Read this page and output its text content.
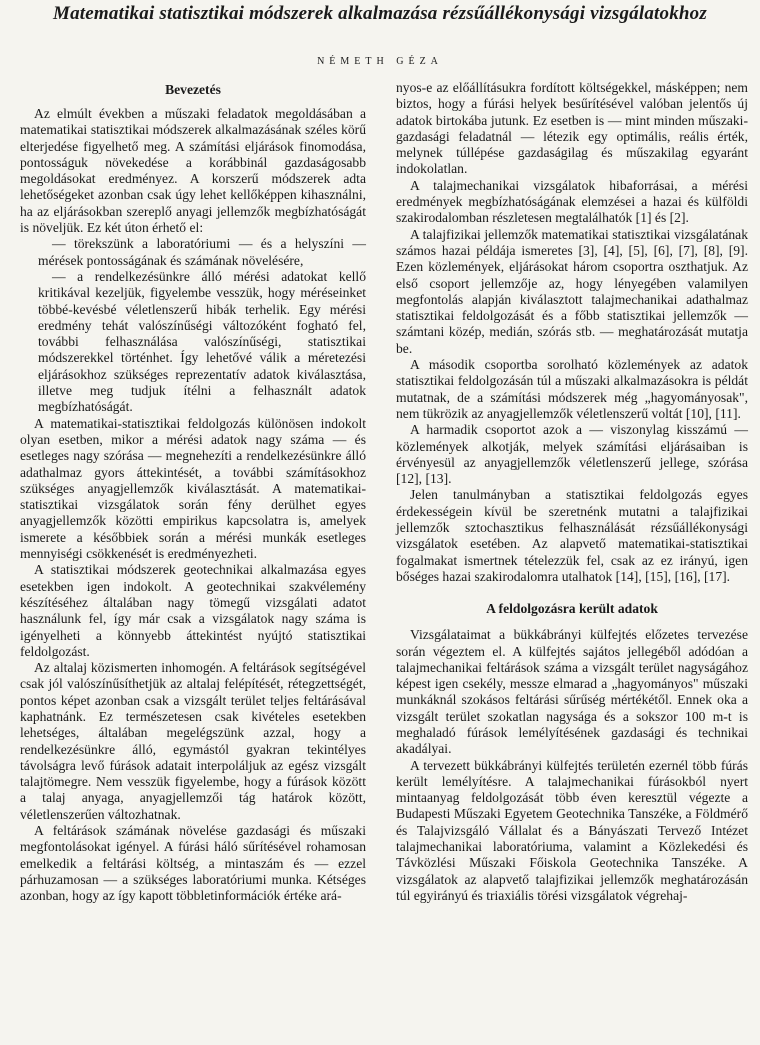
Matematikai statisztikai módszerek alkalmazása rézsűállékonysági vizsgálatokhoz
NÉMETH GÉZA
Bevezetés

Az elmúlt években a műszaki feladatok megoldásában a matematikai statisztikai módszerek alkalmazásának széles körű elterjedése figyelhető meg. A számítási eljárások finomodása, pontosságuk növekedése a korábbinál gazdaságosabb megoldásokat eredményez. A korszerű módszerek adta lehetőségeket azonban csak úgy lehet kellőképpen kihasználni, ha az eljárásokban szereplő anyagi jellemzők megbízhatóságát is növeljük. Ez két úton érhető el:

— törekszünk a laboratóriumi — és a helyszíni — mérések pontosságának és számának növelésére,

— a rendelkezésünkre álló mérési adatokat kellő kritikával kezeljük, figyelembe vesszük, hogy méréseinket többé-kevésbé véletlenszerű hibák terhelik. Egy mérési eredmény tehát valószínűségi változóként fogható fel, további felhasználása valószínűségi, statisztikai módszerekkel történhet. Így lehetővé válik a méretezési eljárásokhoz szükséges reprezentatív adatok kiválasztása, illetve meg tudjuk ítélni a felhasznált adatok megbízhatóságát.

A matematikai-statisztikai feldolgozás különösen indokolt olyan esetben, mikor a mérési adatok nagy száma — és esetleges nagy szórása — megnehezíti a rendelkezésünkre álló adathalmaz gyors áttekintését, a további számításokhoz szükséges anyagjellemzők kiválasztását. A matematikai-statisztikai vizsgálatok során fény derülhet egyes anyagjellemzők közötti empirikus kapcsolatra is, amelyek ismerete a későbbiek során a mérési munkák esetleges mennyiségi csökkenését is eredményezheti.

A statisztikai módszerek geotechnikai alkalmazása egyes esetekben igen indokolt. A geotechnikai szakvélemény készítéséhez általában nagy tömegű vizsgálati adatot használunk fel, így már csak a vizsgálatok nagy száma is igényelheti a könnyebb áttekintést nyújtó statisztikai feldolgozást.

Az altalaj közismerten inhomogén. A feltárások segítségével csak jól valószínűsíthetjük az altalaj felépítését, rétegzettségét, pontos képet azonban csak a vizsgált terület teljes feltárásával kaphatnánk. Ez természetesen csak kivételes esetekben lehetséges, általában megelégszünk azzal, hogy a rendelkezésünkre álló, egymástól gyakran tekintélyes távolságra levő fúrások adatait interpoláljuk az egész vizsgált talajtömegre. Nem vesszük figyelembe, hogy a fúrások között a talaj anyaga, anyagjellemzői tág határok között, véletlenszerűen változhatnak.

A feltárások számának növelése gazdasági és műszaki megfontolásokat igényel. A fúrási háló sűrítésével rohamosan emelkedik a feltárási költség, a mintaszám és — ezzel párhuzamosan — a szükséges laboratóriumi munka. Kétséges azonban, hogy az így kapott többletinformációk értéke ará-

nyos-e az előállításukra fordított költségekkel, másképpen; nem biztos, hogy a fúrási helyek besűrítésével valóban jelentős új adatok birtokába jutunk. Ez esetben is — mint minden műszaki-gazdasági feladatnál — létezik egy optimális, reális érték, melynek túllépése gazdaságilag és műszakilag egyaránt indokolatlan.

A talajmechanikai vizsgálatok hibaforrásai, a mérési eredmények megbízhatóságának elemzései a hazai és külföldi szakirodalomban részletesen megtalálhatók [1] és [2].

A talajfizikai jellemzők matematikai statisztikai vizsgálatának számos hazai példája ismeretes [3], [4], [5], [6], [7], [8], [9]. Ezen közlemények, eljárásokat három csoportra oszthatjuk. Az első csoport jellemzője az, hogy lényegében valamilyen megfontolás alapján kiválasztott talajmechanikai adathalmaz statisztikai feldolgozását és a főbb statisztikai jellemzők — számtani közép, medián, szórás stb. — meghatározását mutatja be.

A második csoportba sorolható közlemények az adatok statisztikai feldolgozásán túl a műszaki alkalmazásokra is példát mutatnak, de a számítási módszerek még „hagyományosak", nem tükrözik az anyagjellemzők véletlenszerű voltát [10], [11].

A harmadik csoportot azok a — viszonylag kisszámú — közlemények alkotják, melyek számítási eljárásaiban is érvényesül az anyagjellemzők véletlenszerű jellege, szórása [12], [13].

Jelen tanulmányban a statisztikai feldolgozás egyes érdekességein kívül be szeretnénk mutatni a talajfizikai jellemzők sztochasztikus felhasználását rézsűállékonysági vizsgálatok esetében. Az alapvető matematikai-statisztikai fogalmakat ismertnek tételezzük fel, csak az ez irányú, igen bőséges hazai szakirodalomra utalhatok [14], [15], [16], [17].

A feldolgozásra került adatok

Vizsgálataimat a bükkábrányi külfejtés előzetes tervezése során végeztem el. A külfejtés sajátos jellegéből adódóan a talajmechanikai feltárások száma a vizsgált terület nagyságához képest igen csekély, messze elmarad a „hagyományos" műszaki munkáknál szokásos feltárási sűrűség mértékétől. Ennek oka a vizsgált terület szokatlan nagysága és a sokszor 100 m-t is meghaladó fúrások lemélyítésének gazdasági és technikai akadályai.

A tervezett bükkábrányi külfejtés területén ezernél több fúrás került lemélyítésre. A talajmechanikai fúrásokból nyert mintaanyag feldolgozását több éven keresztül végezte a Budapesti Műszaki Egyetem Geotechnika Tanszéke, a Földmérő és Talajvizsgáló Vállalat és a Bányászati Tervező Intézet talajmechanikai laboratóriuma, valamint a Közlekedési és Távközlési Műszaki Főiskola Geotechnika Tanszéke. A vizsgálatok az alapvető talajfizikai jellemzők meghatározásán túl egyirányú és triaxiális törési vizsgálatok végrehaj-
